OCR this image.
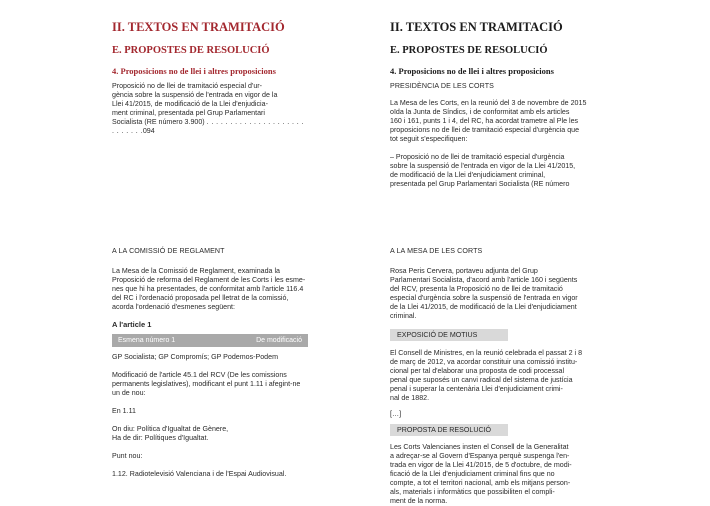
II. TEXTOS EN TRAMITACIÓ

E. PROPOSTES DE RESOLUCIÓ

4. Proposicions no de llei i altres proposicions

Proposició no de llei de tramitació especial d'ur-

gència sobre la suspensió de l'entrada en vigor de la

Llei 41/2015, de modificació de la Llei d'enjudicia-

ment criminal, presentada pel Grup Parlamentari

Socialista (RE número 3.900) . . . . . . . . . . . . . . . . . . . . . . . . . . . .094

II. TEXTOS EN TRAMITACIÓ

E. PROPOSTES DE RESOLUCIÓ

4. Proposicions no de llei i altres proposicions

PRESIDÈNCIA DE LES CORTS

La Mesa de les Corts, en la reunió del 3 de novembre de 2015

oïda la Junta de Síndics, i de conformitat amb els articles

160 i 161, punts 1 i 4, del RC, ha acordat trametre al Ple les

proposicions no de llei de tramitació especial d'urgència que

tot seguit s'especifiquen:

– Proposició no de llei de tramitació especial d'urgència

sobre la suspensió de l'entrada en vigor de la Llei 41/2015,

de modificació de la Llei d'enjudiciament criminal,

presentada pel Grup Parlamentari Socialista (RE número

A LA COMISSIÓ DE REGLAMENT

La Mesa de la Comissió de Reglament, examinada la

Proposició de reforma del Reglament de les Corts i les esme-

nes que hi ha presentades, de conformitat amb l'article 116.4

del RC i l'ordenació proposada pel lletrat de la comissió,

acorda l'ordenació d'esmenes següent:

A l'article 1

Esmena número 1	De modificació

GP Socialista; GP Compromís; GP Podemos-Podem

Modificació de l'article 45.1 del RCV (De les comissions

permanents legislatives), modificant el punt 1.11 i afegint-ne

un de nou:

En 1.11

On diu: Política d'Igualtat de Gènere,

Ha de dir: Polítiques d'Igualtat.

Punt nou:

1.12. Radiotelevisió Valenciana i de l'Espai Audiovisual.

A LA MESA DE LES CORTS

Rosa Peris Cervera, portaveu adjunta del Grup

Parlamentari Socialista, d'acord amb l'article 160 i següents

del RCV, presenta la Proposició no de llei de tramitació

especial d'urgència sobre la suspensió de l'entrada en vigor

de la Llei 41/2015, de modificació de la Llei d'enjudiciament

criminal.

EXPOSICIÓ DE MOTIUS

El Consell de Ministres, en la reunió celebrada el passat 2 i 8

de març de 2012, va acordar constituir una comissió institu-

cional per tal d'elaborar una proposta de codi processal

penal que suposés un canvi radical del sistema de justícia

penal i superar la centenària Llei d'enjudiciament crimi-

nal de 1882.

[…]

PROPOSTA DE RESOLUCIÓ

Les Corts Valencianes insten el Consell de la Generalitat

a adreçar-se al Govern d'Espanya perquè suspenga l'en-

trada en vigor de la Llei 41/2015, de 5 d'octubre, de modi-

ficació de la Llei d'enjudiciament criminal fins que no

compte, a tot el territori nacional, amb els mitjans person-

als, materials i informàtics que possibiliten el compli-

ment de la norma.
